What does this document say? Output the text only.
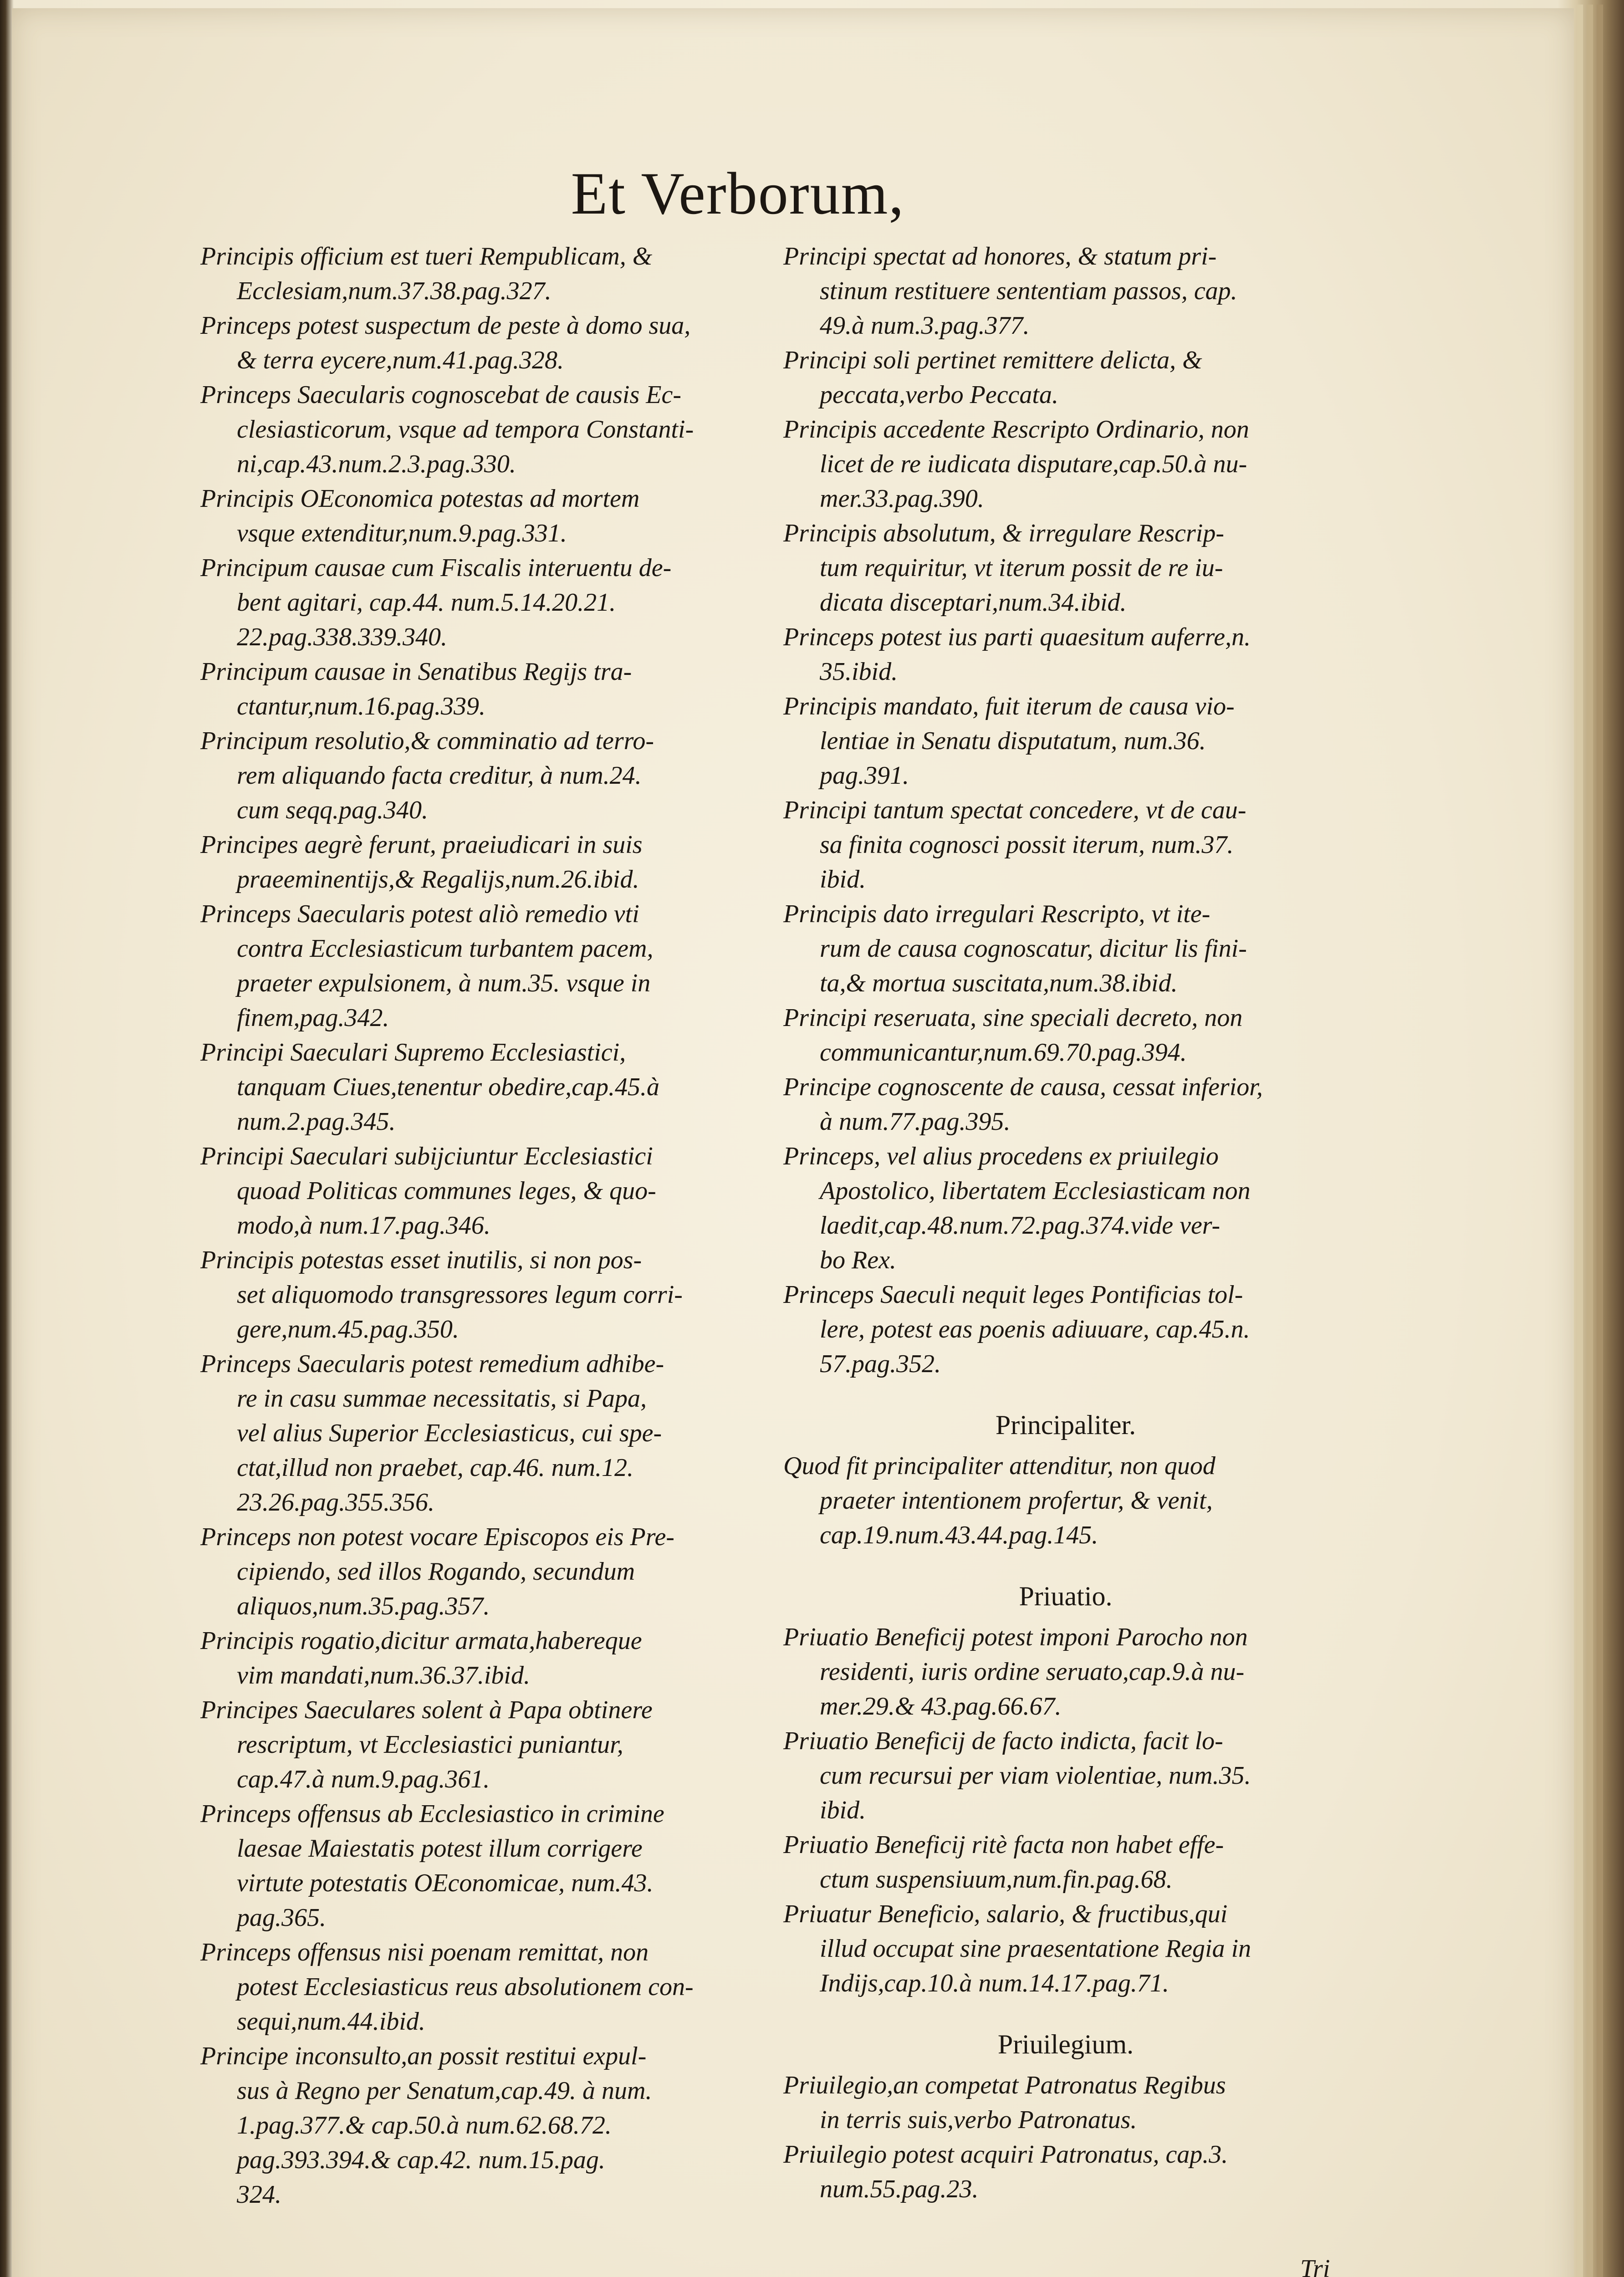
Et Verborum,

Principis officium est tueri Rempublicam, &
Ecclesiam,num.37.38.pag.327.

Princeps potest suspectum de peste à domo sua,
& terra eycere,num.41.pag.328.

Princeps Saecularis cognoscebat de causis Ec-
clesiasticorum, vsque ad tempora Constanti-
ni,cap.43.num.2.3.pag.330.

Principis OEconomica potestas ad mortem
vsque extenditur,num.9.pag.331.

Principum causae cum Fiscalis interuentu de-
bent agitari, cap.44. num.5.14.20.21.
22.pag.338.339.340.

Principum causae in Senatibus Regijs tra-
ctantur,num.16.pag.339.

Principum resolutio,& comminatio ad terro-
rem aliquando facta creditur, à num.24.
cum seqq.pag.340.

Principes aegrè ferunt, praeiudicari in suis
praeeminentijs,& Regalijs,num.26.ibid.

Princeps Saecularis potest aliò remedio vti
contra Ecclesiasticum turbantem pacem,
praeter expulsionem, à num.35. vsque in
finem,pag.342.

Principi Saeculari Supremo Ecclesiastici,
tanquam Ciues,tenentur obedire,cap.45.à
num.2.pag.345.

Principi Saeculari subijciuntur Ecclesiastici
quoad Politicas communes leges, & quo-
modo,à num.17.pag.346.

Principis potestas esset inutilis, si non pos-
set aliquomodo transgressores legum corri-
gere,num.45.pag.350.

Princeps Saecularis potest remedium adhibe-
re in casu summae necessitatis, si Papa,
vel alius Superior Ecclesiasticus, cui spe-
ctat,illud non praebet, cap.46. num.12.
23.26.pag.355.356.

Princeps non potest vocare Episcopos eis Pre-
cipiendo, sed illos Rogando, secundum
aliquos,num.35.pag.357.

Principis rogatio,dicitur armata,habereque
vim mandati,num.36.37.ibid.

Principes Saeculares solent à Papa obtinere
rescriptum, vt Ecclesiastici puniantur,
cap.47.à num.9.pag.361.

Princeps offensus ab Ecclesiastico in crimine
laesae Maiestatis potest illum corrigere
virtute potestatis OEconomicae, num.43.
pag.365.

Princeps offensus nisi poenam remittat, non
potest Ecclesiasticus reus absolutionem con-
sequi,num.44.ibid.

Principe inconsulto,an possit restitui expul-
sus à Regno per Senatum,cap.49. à num.
1.pag.377.& cap.50.à num.62.68.72.
pag.393.394.& cap.42. num.15.pag.
324.

Principi spectat ad honores, & statum pri-
stinum restituere sententiam passos, cap.
49.à num.3.pag.377.

Principi soli pertinet remittere delicta, &
peccata,verbo Peccata.

Principis accedente Rescripto Ordinario, non
licet de re iudicata disputare,cap.50.à nu-
mer.33.pag.390.

Principis absolutum, & irregulare Rescrip-
tum requiritur, vt iterum possit de re iu-
dicata disceptari,num.34.ibid.

Princeps potest ius parti quaesitum auferre,n.
35.ibid.

Principis mandato, fuit iterum de causa vio-
lentiae in Senatu disputatum, num.36.
pag.391.

Principi tantum spectat concedere, vt de cau-
sa finita cognosci possit iterum, num.37.
ibid.

Principis dato irregulari Rescripto, vt ite-
rum de causa cognoscatur, dicitur lis fini-
ta,& mortua suscitata,num.38.ibid.

Principi reseruata, sine speciali decreto, non
communicantur,num.69.70.pag.394.

Principe cognoscente de causa, cessat inferior,
à num.77.pag.395.

Princeps, vel alius procedens ex priuilegio
Apostolico, libertatem Ecclesiasticam non
laedit,cap.48.num.72.pag.374.vide ver-
bo Rex.

Princeps Saeculi nequit leges Pontificias tol-
lere, potest eas poenis adiuuare, cap.45.n.
57.pag.352.

Principaliter.

Quod fit principaliter attenditur, non quod
praeter intentionem profertur, & venit,
cap.19.num.43.44.pag.145.

Priuatio.

Priuatio Beneficij potest imponi Parocho non
residenti, iuris ordine seruato,cap.9.à nu-
mer.29.& 43.pag.66.67.

Priuatio Beneficij de facto indicta, facit lo-
cum recursui per viam violentiae, num.35.
ibid.

Priuatio Beneficij ritè facta non habet effe-
ctum suspensiuum,num.fin.pag.68.

Priuatur Beneficio, salario, & fructibus,qui
illud occupat sine praesentatione Regia in
Indijs,cap.10.à num.14.17.pag.71.

Priuilegium.

Priuilegio,an competat Patronatus Regibus
in terris suis,verbo Patronatus.

Priuilegio potest acquiri Patronatus, cap.3.
num.55.pag.23.

Tri
